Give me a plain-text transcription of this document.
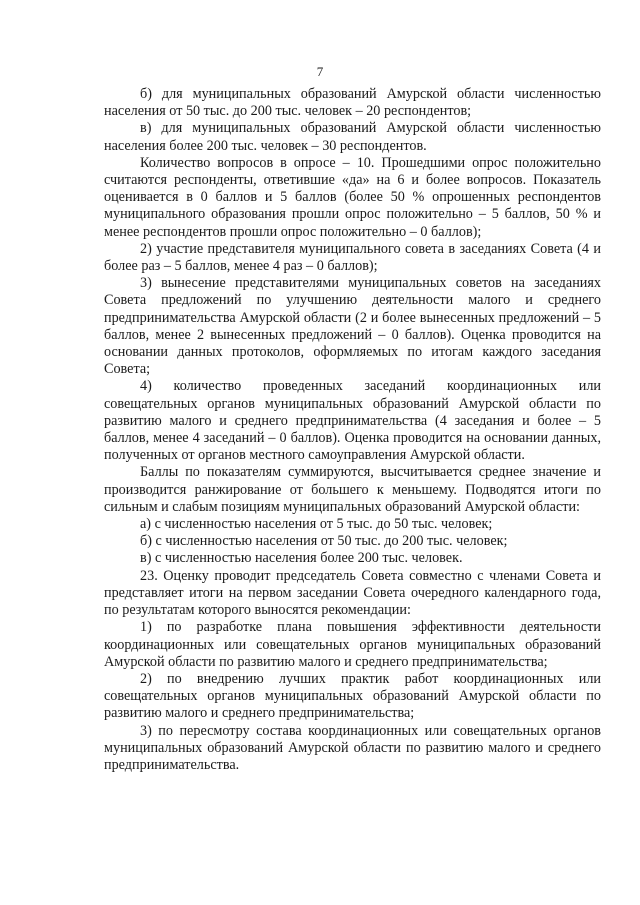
7

б) для муниципальных образований Амурской области численностью населения от 50 тыс. до 200 тыс. человек – 20 респондентов;

в) для муниципальных образований Амурской области численностью населения более 200 тыс. человек – 30 респондентов.

Количество вопросов в опросе – 10. Прошедшими опрос положительно считаются респонденты, ответившие «да» на 6 и более вопросов. Показатель оценивается в 0 баллов и 5 баллов (более 50 % опрошенных респондентов муниципального образования прошли опрос положительно – 5 баллов, 50 % и менее респондентов прошли опрос положительно – 0 баллов);

2) участие представителя муниципального совета в заседаниях Совета (4 и более раз – 5 баллов, менее 4 раз – 0 баллов);

3) вынесение представителями муниципальных советов на заседаниях Совета предложений по улучшению деятельности малого и среднего предпринимательства Амурской области (2 и более вынесенных предложений – 5 баллов, менее 2 вынесенных предложений – 0 баллов). Оценка проводится на основании данных протоколов, оформляемых по итогам каждого заседания Совета;

4) количество проведенных заседаний координационных или совещательных органов муниципальных образований Амурской области по развитию малого и среднего предпринимательства (4 заседания и более – 5 баллов, менее 4 заседаний – 0 баллов). Оценка проводится на основании данных, полученных от органов местного самоуправления Амурской области.

Баллы по показателям суммируются, высчитывается среднее значение и производится ранжирование от большего к меньшему. Подводятся итоги по сильным и слабым позициям муниципальных образований Амурской области:

а) с численностью населения от 5 тыс. до 50 тыс. человек;

б) с численностью населения от 50 тыс. до 200 тыс. человек;

в) с численностью населения более 200 тыс. человек.

23. Оценку проводит председатель Совета совместно с членами Совета и представляет итоги на первом заседании Совета очередного календарного года, по результатам которого выносятся рекомендации:

1) по разработке плана повышения эффективности деятельности координационных или совещательных органов муниципальных образований Амурской области по развитию малого и среднего предпринимательства;

2) по внедрению лучших практик работ координационных или совещательных органов муниципальных образований Амурской области по развитию малого и среднего предпринимательства;

3) по пересмотру состава координационных или совещательных органов муниципальных образований Амурской области по развитию малого и среднего предпринимательства.
